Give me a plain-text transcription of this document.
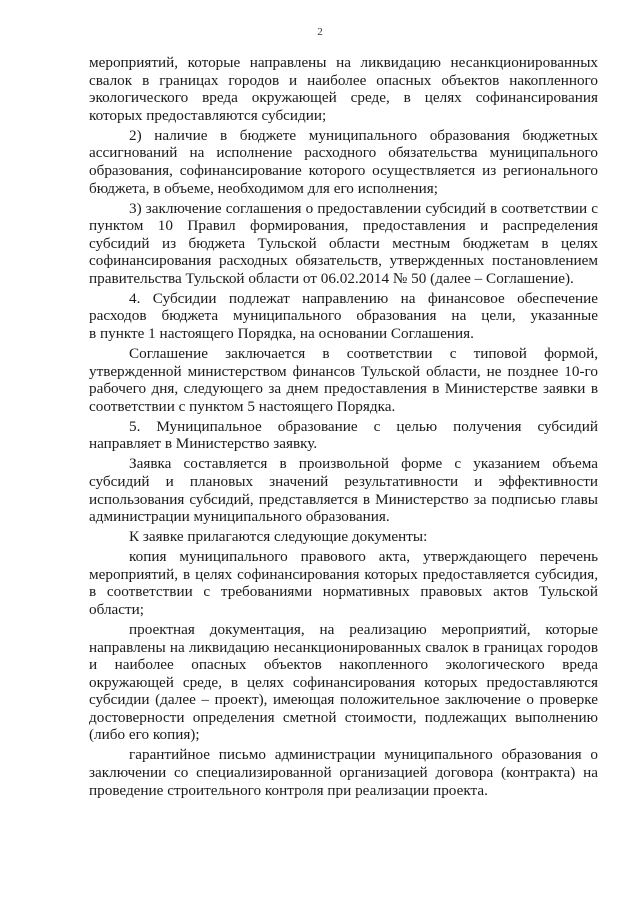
2
мероприятий, которые направлены на ликвидацию несанкционированных
свалок в границах городов и наиболее опасных объектов накопленного
экологического вреда окружающей среде, в целях софинансирования
которых предоставляются субсидии;
2) наличие в бюджете муниципального образования бюджетных
ассигнований на исполнение расходного обязательства муниципального
образования, софинансирование которого осуществляется из регионального
бюджета, в объеме, необходимом для его исполнения;
3) заключение соглашения о предоставлении субсидий в соответствии с
пунктом 10 Правил формирования, предоставления и распределения
субсидий из бюджета Тульской области местным бюджетам в целях
софинансирования расходных обязательств, утвержденных постановлением
правительства Тульской области от 06.02.2014 № 50 (далее – Соглашение).
4. Субсидии подлежат направлению на финансовое обеспечение
расходов бюджета муниципального образования на цели, указанные
в пункте 1 настоящего Порядка, на основании Соглашения.
Соглашение заключается в соответствии с типовой формой,
утвержденной министерством финансов Тульской области, не позднее 10-го
рабочего дня, следующего за днем предоставления в Министерстве заявки в
соответствии с пунктом 5 настоящего Порядка.
5. Муниципальное образование с целью получения субсидий
направляет в Министерство заявку.
Заявка составляется в произвольной форме с указанием объема
субсидий и плановых значений результативности и эффективности
использования субсидий, представляется в Министерство за подписью главы
администрации муниципального образования.
К заявке прилагаются следующие документы:
копия муниципального правового акта, утверждающего перечень
мероприятий, в целях софинансирования которых предоставляется субсидия,
в соответствии с требованиями нормативных правовых актов Тульской
области;
проектная документация, на реализацию мероприятий, которые
направлены на ликвидацию несанкционированных свалок в границах городов
и наиболее опасных объектов накопленного экологического вреда
окружающей среде, в целях софинансирования которых предоставляются
субсидии (далее – проект), имеющая положительное заключение о проверке
достоверности определения сметной стоимости, подлежащих выполнению
(либо его копия);
гарантийное письмо администрации муниципального образования о
заключении со специализированной организацией договора (контракта) на
проведение строительного контроля при реализации проекта.
